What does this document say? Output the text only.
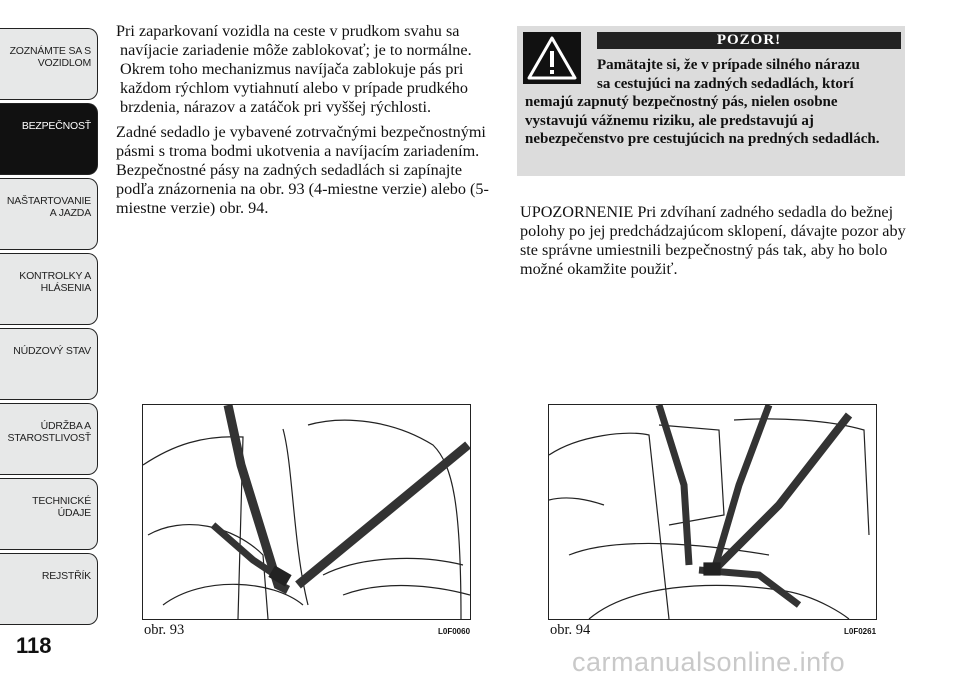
ZOZNÁMTE SA S
VOZIDLOM
BEZPEČNOSŤ
NAŠTARTOVANIE
A JAZDA
KONTROLKY A
HLÁSENIA
NÚDZOVÝ STAV
ÚDRŽBA A
STAROSTLIVOSŤ
TECHNICKÉ
ÚDAJE
REJSTŘÍK
118

Pri zaparkovaní vozidla na ceste v prudkom svahu sa navíjacie zariadenie môže zablokovať; je to normálne. Okrem toho mechanizmus navíjača zablokuje pás pri každom rýchlom vytiahnutí alebo v prípade prudkého brzdenia, nárazov a zatáčok pri vyššej rýchlosti.

Zadné sedadlo je vybavené zotrvačnými bezpečnostnými pásmi s troma bodmi ukotvenia a navíjacím zariadením. Bezpečnostné pásy na zadných sedadlách si zapínajte podľa znázornenia na obr. 93 (4-miestne verzie) alebo (5-miestne verzie) obr. 94.

POZOR!
Pamätajte si, že v prípade silného nárazu
sa cestujúci na zadných sedadlách, ktorí
nemajú zapnutý bezpečnostný pás, nielen osobne vystavujú vážnemu riziku, ale predstavujú aj nebezpečenstvo pre cestujúcich na predných sedadlách.

UPOZORNENIE Pri zdvíhaní zadného sedadla do bežnej polohy po jej predchádzajúcom sklopení, dávajte pozor aby ste správne umiestnili bezpečnostný pás tak, aby ho bolo možné okamžite použiť.

obr. 93	L0F0060	obr. 94	L0F0261
carmanualsonline.info
